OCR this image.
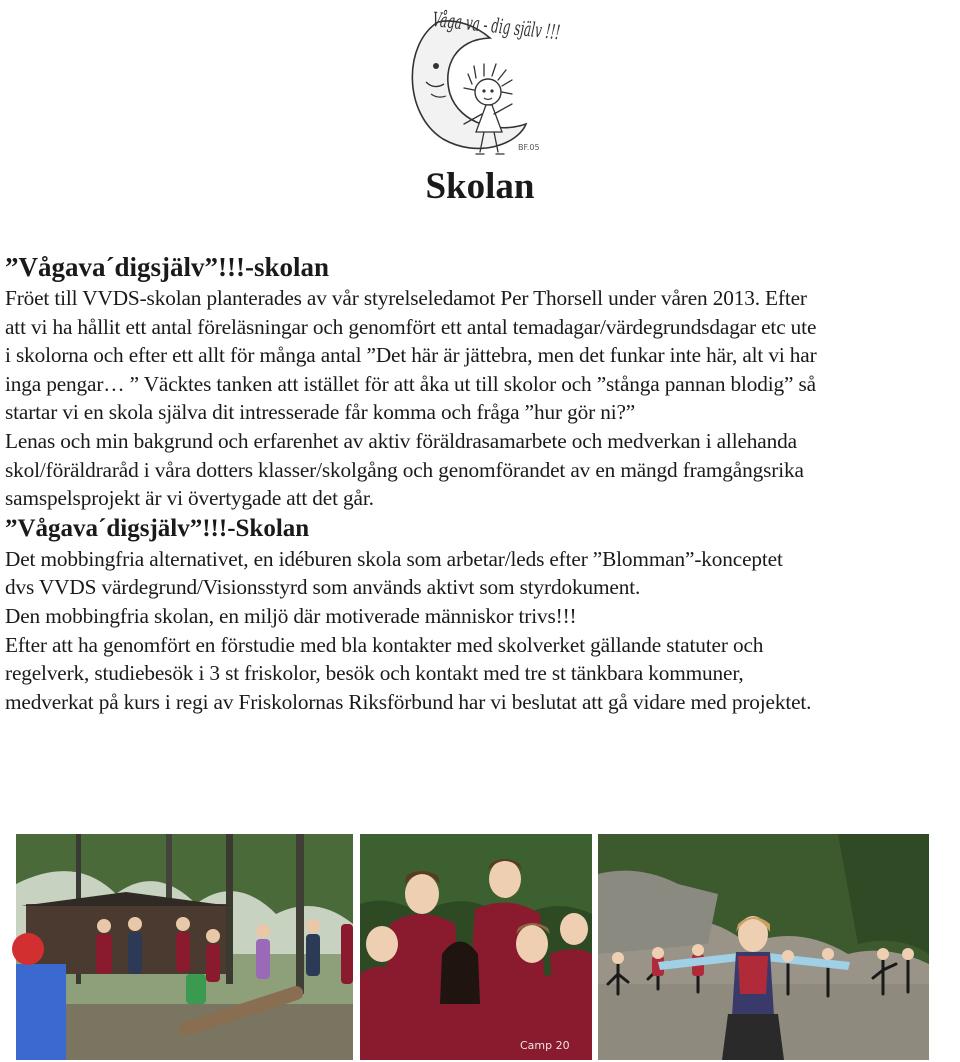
Våga va - dig själv !!!
BF.05
Skolan
”Vågava´digsjälv”!!!-skolan

Fröet till VVDS-skolan planterades av vår styrelseledamot Per Thorsell under våren 2013. Efter
att vi ha hållit ett antal föreläsningar och genomfört ett antal temadagar/värdegrundsdagar etc ute
i skolorna och efter ett allt för många antal ”Det här är jättebra, men det funkar inte här, alt vi har
inga pengar… ” Väcktes tanken att istället för att åka ut till skolor och ”stånga pannan blodig” så
startar vi en skola själva dit intresserade får komma och fråga ”hur gör ni?”

Lenas och min bakgrund och erfarenhet av aktiv föräldrasamarbete och medverkan i allehanda
skol/föräldraråd i våra dotters klasser/skolgång och genomförandet av en mängd framgångsrika
samspelsprojekt är vi övertygade att det går.

”Vågava´digsjälv”!!!-Skolan

Det mobbingfria alternativet, en idéburen skola som arbetar/leds efter ”Blomman”-konceptet
dvs VVDS värdegrund/Visionsstyrd som används aktivt som styrdokument.

Den mobbingfria skolan, en miljö där motiverade människor trivs!!!

Efter att ha genomfört en förstudie med bla kontakter med skolverket gällande statuter och
regelverk, studiebesök i 3 st friskolor, besök och kontakt med tre st tänkbara kommuner,
medverkat på kurs i regi av Friskolornas Riksförbund har vi beslutat att gå vidare med projektet.

Camp 20
